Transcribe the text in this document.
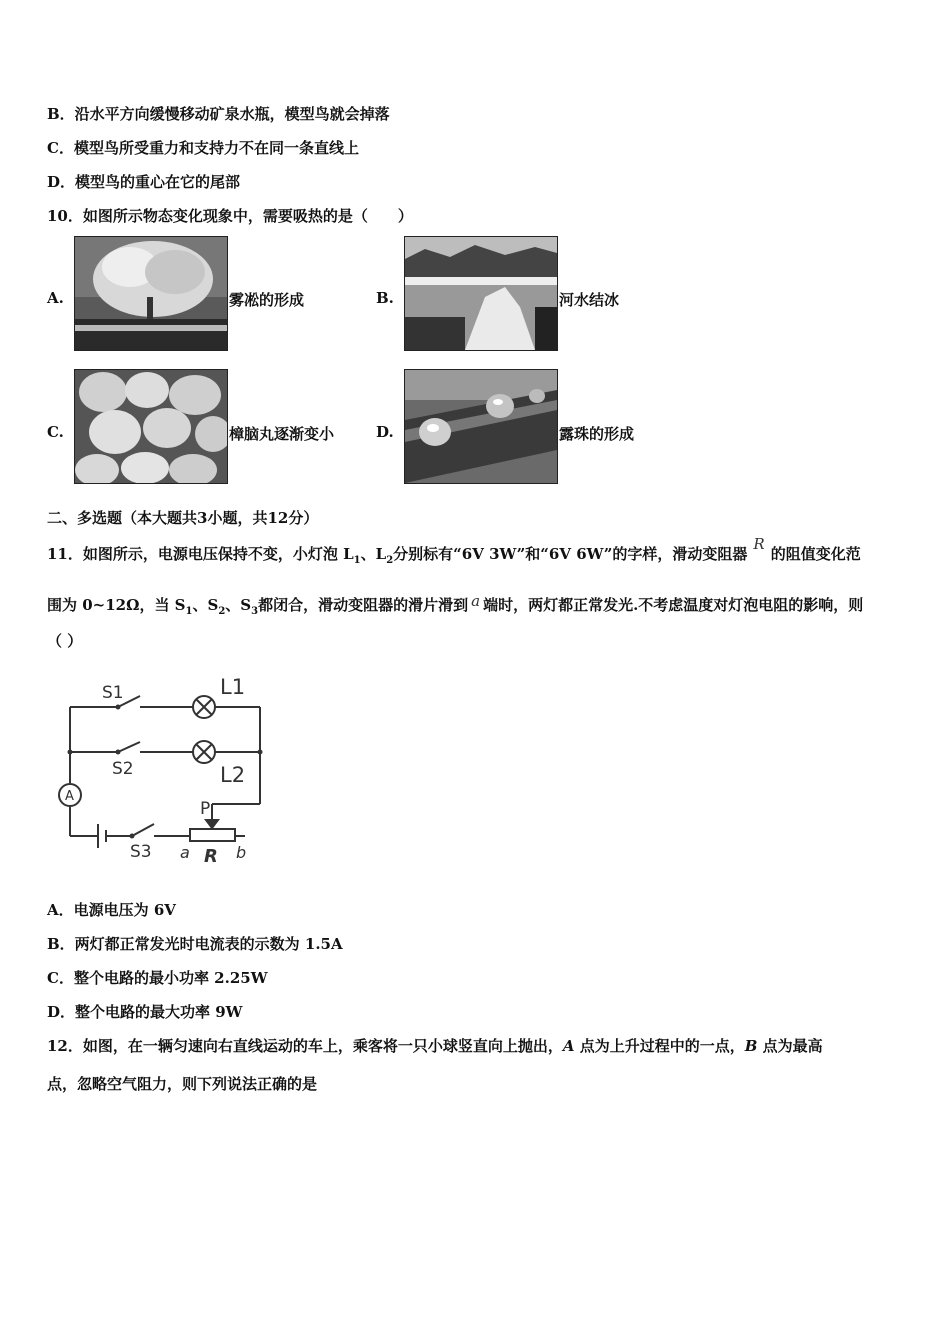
B．沿水平方向缓慢移动矿泉水瓶，模型鸟就会掉落
C．模型鸟所受重力和支持力不在同一条直线上
D．模型鸟的重心在它的尾部
10．如图所示物态变化现象中，需要吸热的是（　　）
A.	雾凇的形成	B.	河水结冰
C.	樟脑丸逐渐变小	D.	露珠的形成
二、多选题（本大题共3小题，共12分）
11．如图所示，电源电压保持不变，小灯泡 $L_1$、$L_2$分别标有“6V 3W”和“6V 6W”的字样，滑动变阻器R的阻值变化范
围为 0~12Ω，当 $S_1$、$S_2$、$S_3$都闭合，滑动变阻器的滑片滑到 a 端时，两灯都正常发光.不考虑温度对灯泡电阻的影响，则
（ ）
S1	L1
S2	L2
A
P
S3 a R b
A．电源电压为 6V
B．两灯都正常发光时电流表的示数为 1.5A
C．整个电路的最小功率 2.25W
D．整个电路的最大功率 9W
12．如图，在一辆匀速向右直线运动的车上，乘客将一只小球竖直向上抛出，A 点为上升过程中的一点，B 点为最高
点，忽略空气阻力，则下列说法正确的是
